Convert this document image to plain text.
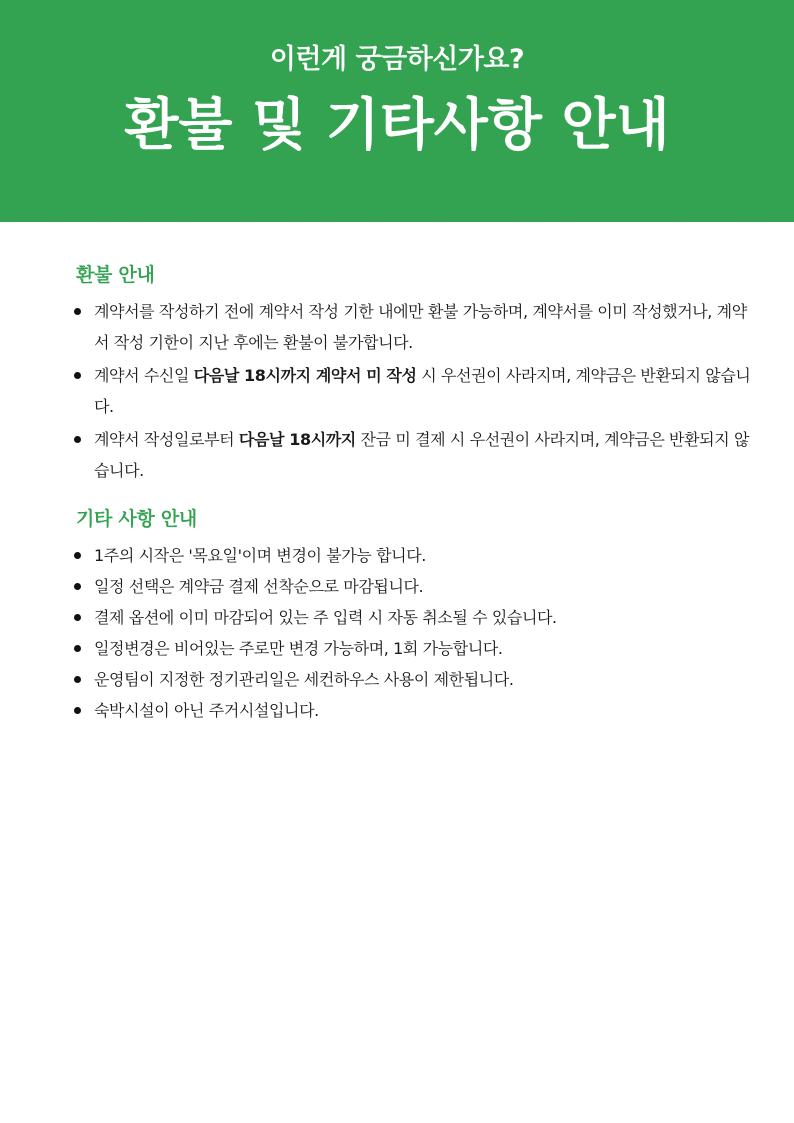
이런게 궁금하신가요?
환불 및 기타사항 안내
환불 안내
계약서를 작성하기 전에 계약서 작성 기한 내에만 환불 가능하며, 계약서를 이미 작성했거나, 계약서 작성 기한이 지난 후에는 환불이 불가합니다.
계약서 수신일 다음날 18시까지 계약서 미 작성 시 우선권이 사라지며, 계약금은 반환되지 않습니다.
계약서 작성일로부터 다음날 18시까지 잔금 미 결제 시 우선권이 사라지며, 계약금은 반환되지 않습니다.
기타 사항 안내
1주의 시작은 '목요일'이며 변경이 불가능 합니다.
일정 선택은 계약금 결제 선착순으로 마감됩니다.
결제 옵션에 이미 마감되어 있는 주 입력 시 자동 취소될 수 있습니다.
일정변경은 비어있는 주로만 변경 가능하며, 1회 가능합니다.
운영팀이 지정한 정기관리일은 세컨하우스 사용이 제한됩니다.
숙박시설이 아닌 주거시설입니다.
